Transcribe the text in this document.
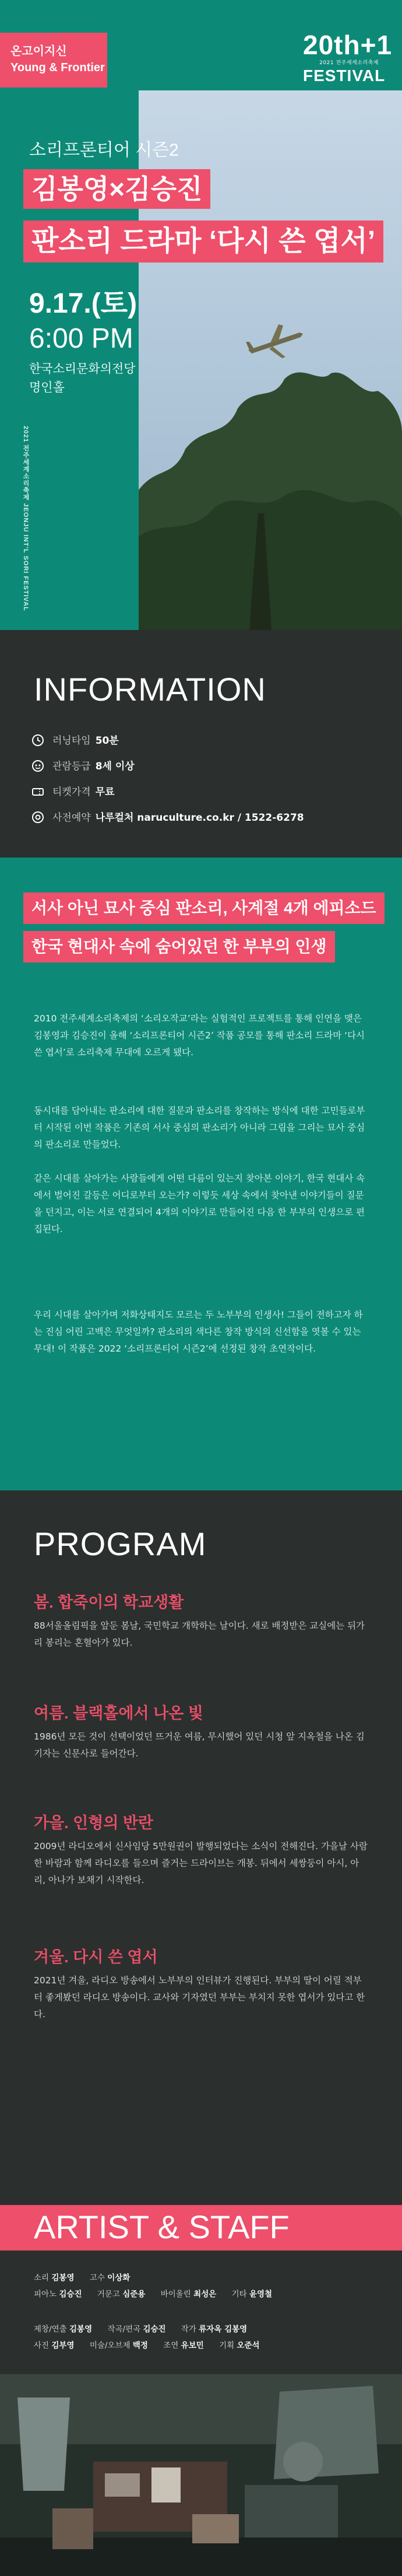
온고이지신
Young & Frontier
20th+1
2021 전주세계소리축제
FESTIVAL
소리프론티어 시즌2
김봉영×김승진
판소리 드라마 ‘다시 쓴 엽서’
9.17.(토)
6:00 PM
한국소리문화의전당
명인홀
2021 전주세계소리축제 JEONJU INT'L SORI FESTIVAL
INFORMATION
러닝타임 50분
관람등급 8세 이상
티켓가격 무료
사전예약 나루컬처 naruculture.co.kr / 1522-6278
서사 아닌 묘사 중심 판소리, 사계절 4개 에피소드
한국 현대사 속에 숨어있던 한 부부의 인생

2010 전주세계소리축제의 ‘소리오작교’라는 실험적인 프로젝트를 통해 인연을 맺은 김봉영과 김승진이 올해 ‘소리프론티어 시즌2’ 작품 공모를 통해 판소리 드라마 ‘다시 쓴 엽서’로 소리축제 무대에 오르게 됐다.

동시대를 담아내는 판소리에 대한 질문과 판소리를 창작하는 방식에 대한 고민들로부터 시작된 이번 작품은 기존의 서사 중심의 판소리가 아니라 그림을 그리는 묘사 중심의 판소리로 만들었다.

같은 시대를 살아가는 사람들에게 어떤 다름이 있는지 찾아본 이야기, 한국 현대사 속에서 벌어진 갈등은 어디로부터 오는가? 이렇듯 세상 속에서 찾아낸 이야기들이 질문을 던지고, 이는 서로 연결되어 4개의 이야기로 만들어진 다음 한 부부의 인생으로 편집된다.

우리 시대를 살아가며 저화상태지도 모르는 두 노부부의 인생사! 그들이 전하고자 하는 진심 어린 고백은 무엇일까? 판소리의 색다른 창작 방식의 신선함을 엿볼 수 있는 무대! 이 작품은 2022 ‘소리프론티어 시즌2’에 선정된 창작 초연작이다.

PROGRAM
봄. 합죽이의 학교생활

88서울올림픽을 앞둔 봄날, 국민학교 개학하는 날이다. 새로 배정받은 교실에는 뒤가리 봉리는 혼혈아가 있다.

여름. 블랙홀에서 나온 빛

1986년 모든 것이 선택이었던 뜨거운 여름, 무시했어 있던 시청 앞 지옥철을 나온 김기자는 신문사로 들어간다.

가을. 인형의 반란

2009년 라디오에서 신사임당 5만원권이 발행되었다는 소식이 전해진다. 가을날 사람한 바람과 함께 라디오를 들으며 즐거는 드라이브는 개봉. 뒤에서 세쌍둥이 아시, 아리, 아나가 보채기 시작한다.

겨울. 다시 쓴 엽서

2021년 겨울, 라디오 방송에서 노부부의 인터뷰가 진행된다. 부부의 딸이 어릴 적부터 좋게봤던 라디오 방송이다. 교사와 기자였던 부부는 부치지 못한 엽서가 있다고 한다.

ARTIST & STAFF
소리 김봉영 고수 이상화
피아노 김승진 거문고 심준용 바이올린 최성은 기타 윤영철
제창/연출 김봉영 작곡/편곡 김승진 작가 류자옥 김봉영
사진 김부영 미술/오브제 백정 조연 유보민 기획 오준석
